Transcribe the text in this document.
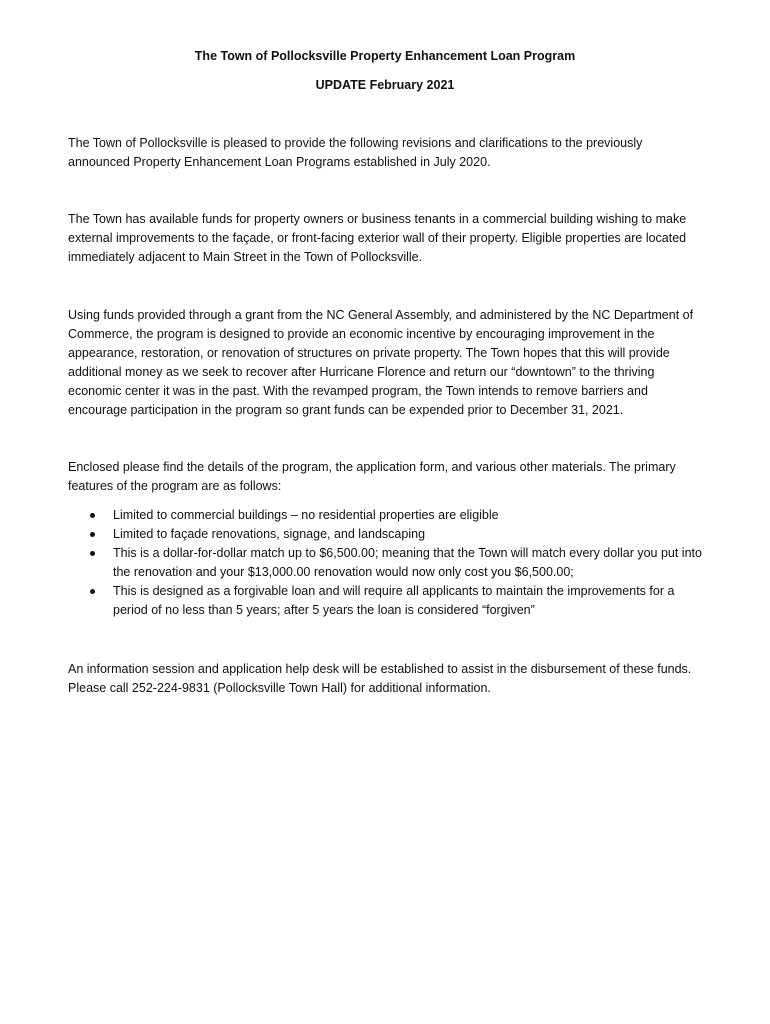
The Town of Pollocksville Property Enhancement Loan Program
UPDATE February 2021

The Town of Pollocksville is pleased to provide the following revisions and clarifications to the previously announced Property Enhancement Loan Programs established in July 2020.

The Town has available funds for property owners or business tenants in a commercial building wishing to make external improvements to the façade, or front-facing exterior wall of their property. Eligible properties are located immediately adjacent to Main Street in the Town of Pollocksville.

Using funds provided through a grant from the NC General Assembly, and administered by the NC Department of Commerce, the program is designed to provide an economic incentive by encouraging improvement in the appearance, restoration, or renovation of structures on private property. The Town hopes that this will provide additional money as we seek to recover after Hurricane Florence and return our “downtown” to the thriving economic center it was in the past. With the revamped program, the Town intends to remove barriers and encourage participation in the program so grant funds can be expended prior to December 31, 2021.

Enclosed please find the details of the program, the application form, and various other materials. The primary features of the program are as follows:

Limited to commercial buildings – no residential properties are eligible
Limited to façade renovations, signage, and landscaping
This is a dollar-for-dollar match up to $6,500.00; meaning that the Town will match every dollar you put into the renovation and your $13,000.00 renovation would now only cost you $6,500.00;
This is designed as a forgivable loan and will require all applicants to maintain the improvements for a period of no less than 5 years; after 5 years the loan is considered “forgiven”

An information session and application help desk will be established to assist in the disbursement of these funds. Please call 252-224-9831 (Pollocksville Town Hall) for additional information.
